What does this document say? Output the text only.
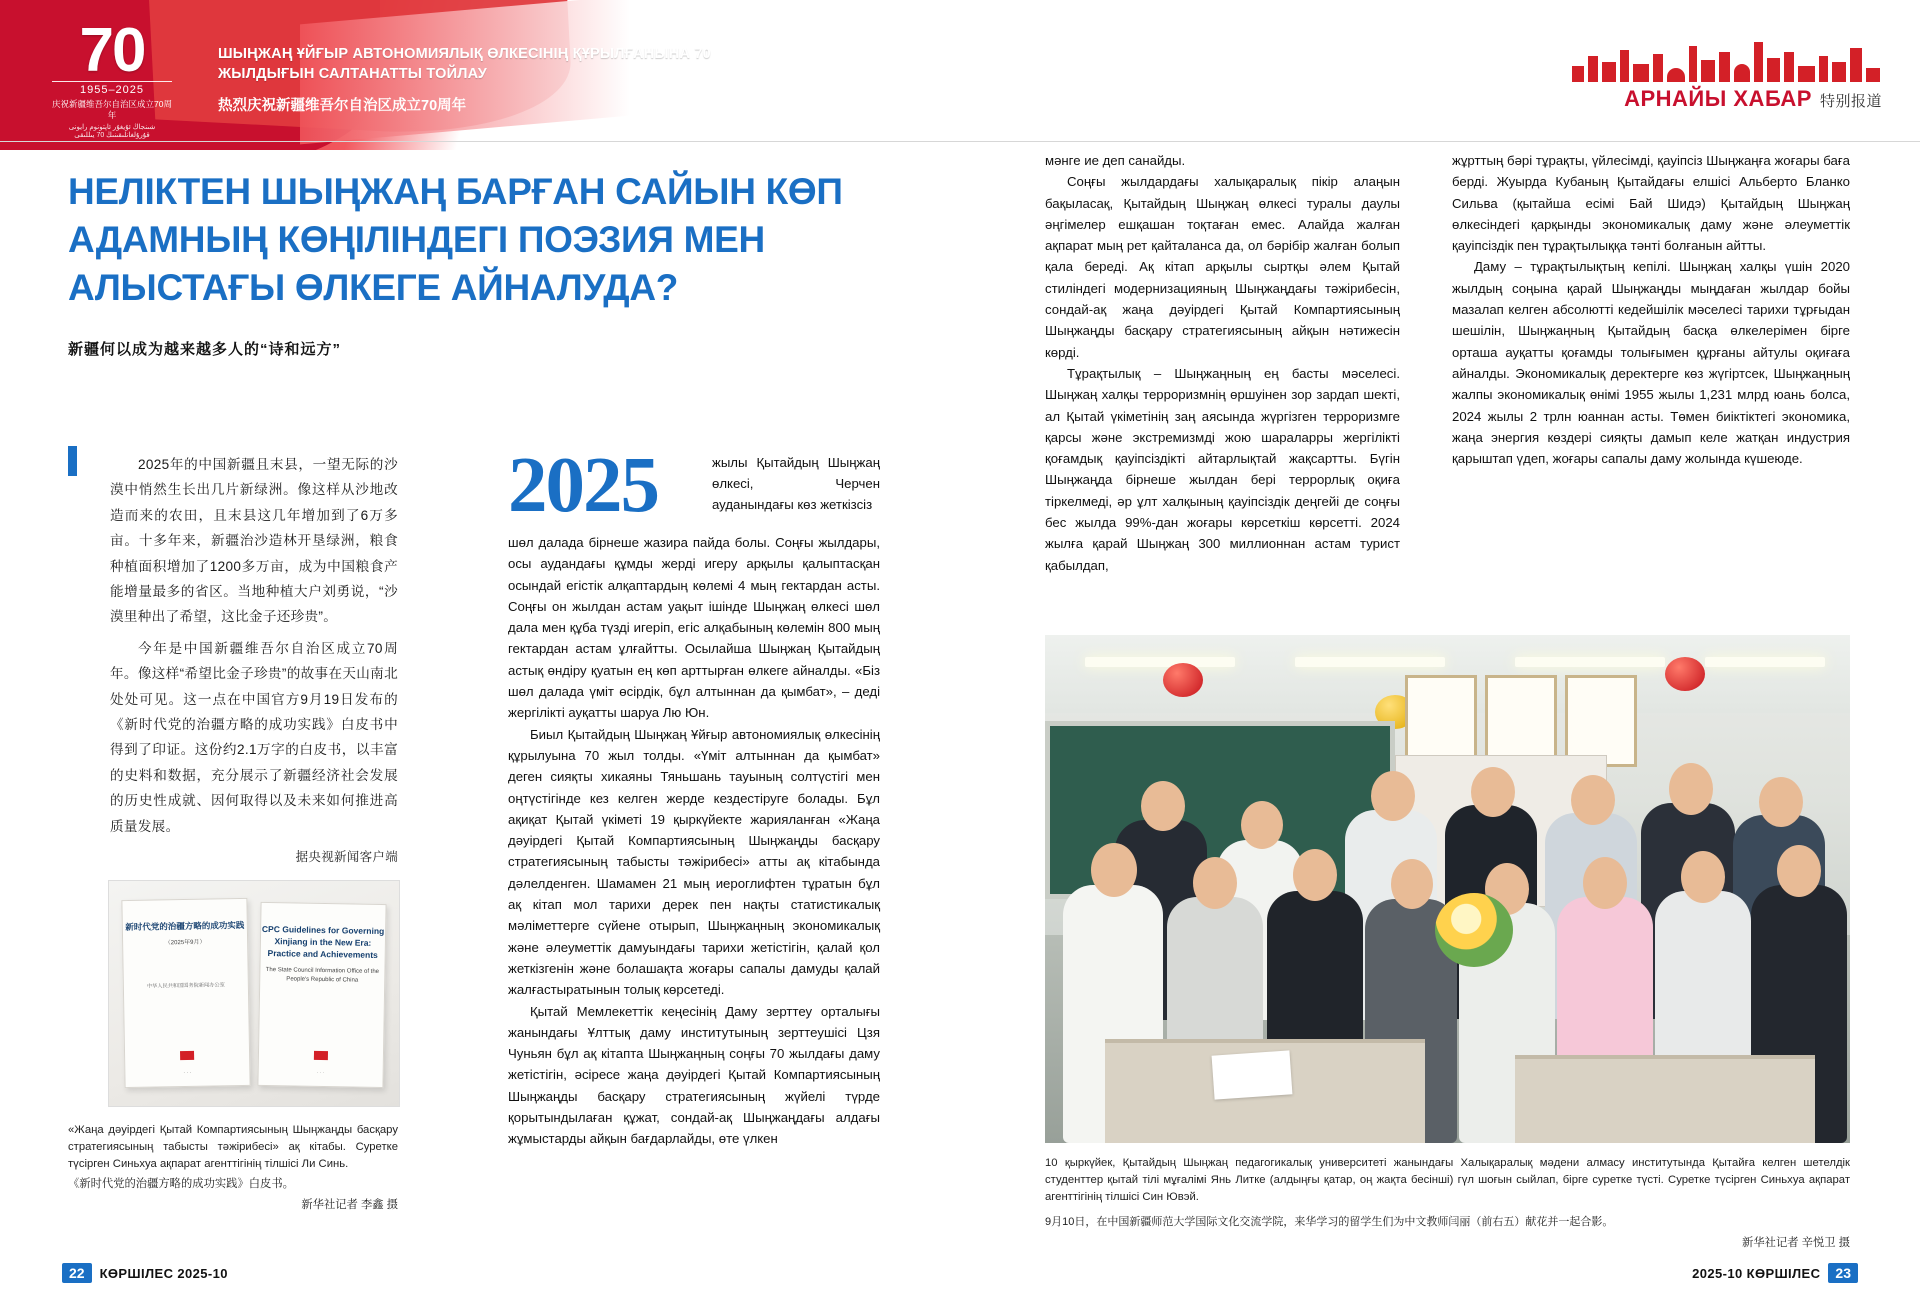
70
1955–2025
庆祝新疆维吾尔自治区成立70周年
شىنجاڭ ئۇيغۇر ئاپتونوم رايونى قۇرۇلغانلىقىنىڭ 70 يىللىقى
ШЫҢЖАҢ ҰЙҒЫР АВТОНОМИЯЛЫҚ ӨЛКЕСІНІҢ ҚҰРЫЛҒАНЫНА 70 ЖЫЛДЫҒЫН САЛТАНАТТЫ ТОЙЛАУ
热烈庆祝新疆维吾尔自治区成立70周年	АРНАЙЫ ХАБАР 特别报道
НЕЛІКТЕН ШЫҢЖАҢ БАРҒАН САЙЫН КӨП АДАМНЫҢ КӨҢІЛІНДЕГІ ПОЭЗИЯ МЕН АЛЫСТАҒЫ ӨЛКЕГЕ АЙНАЛУДА?
新疆何以成为越来越多人的“诗和远方”

2025年的中国新疆且末县，一望无际的沙漠中悄然生长出几片新绿洲。像这样从沙地改造而来的农田，且末县这几年增加到了6万多亩。十多年来，新疆治沙造林开垦绿洲，粮食种植面积增加了1200多万亩，成为中国粮食产能增量最多的省区。当地种植大户刘勇说，“沙漠里种出了希望，这比金子还珍贵”。

今年是中国新疆维吾尔自治区成立70周年。像这样“希望比金子珍贵”的故事在天山南北处处可见。这一点在中国官方9月19日发布的《新时代党的治疆方略的成功实践》白皮书中得到了印证。这份约2.1万字的白皮书，以丰富的史料和数据，充分展示了新疆经济社会发展的历史性成就、因何取得以及未来如何推进高质量发展。

据央视新闻客户端

新时代党的治疆方略的成功实践
（2025年9月）
中华人民共和国国务院新闻办公室
· · ·
CPC Guidelines for Governing Xinjiang in the New Era: Practice and Achievements
The State Council Information Office of the People's Republic of China
· · ·
«Жаңа дәуірдегі Қытай Компартиясының Шыңжаңды басқару стратегиясының табысты тәжірибесі» ақ кітабы. Суретке түсірген Синьхуа ақпарат агенттігінің тілшісі Ли Синь.
《新时代党的治疆方略的成功实践》白皮书。
新华社记者 李鑫 摄
2025	жылы Қытайдың Шыңжаң өлкесі, Черчен ауданындағы көз жеткізсіз

шөл далада бірнеше жазира пайда болы. Соңғы жылдары, осы аудандағы құмды жерді игеру арқылы қалыптасқан осындай егістік алқаптардың көлемі 4 мың гектардан асты. Соңғы он жылдан астам уақыт ішінде Шыңжаң өлкесі шөл дала мен құба түзді игеріп, егіс алқабының көлемін 800 мың гектардан астам ұлғайтты. Осылайша Шыңжаң Қытайдың астық өндіру қуатын ең көп арттырған өлкеге айналды. «Біз шөл далада үміт өсірдік, бұл алтыннан да қымбат», – деді жергілікті ауқатты шаруа Лю Юн.

Биыл Қытайдың Шыңжаң Ұйғыр автономиялық өлкесінің құрылуына 70 жыл толды. «Үміт алтыннан да қымбат» деген сияқты хикаяны Тяньшань тауының солтүстігі мен оңтүстігінде кез келген жерде кездестіруге болады. Бұл ақиқат Қытай үкіметі 19 қыркүйекте жарияланған «Жаңа дәуірдегі Қытай Компартиясының Шыңжаңды басқару стратегиясының табысты тәжірибесі» атты ақ кітабында дәлелденген. Шамамен 21 мың иероглифтен тұратын бұл ақ кітап мол тарихи дерек пен нақты статистикалық мәліметтерге сүйене отырып, Шыңжаңның экономикалық және әлеуметтік дамуындағы тарихи жетістігін, қалай қол жеткізгенін және болашақта жоғары сапалы дамуды қалай жалғастыратынын толық көрсетеді.

Қытай Мемлекеттік кеңесінің Даму зерттеу орталығы жанындағы Ұлттық даму институтының зерттеушісі Цзя Чуньян бұл ақ кітапта Шыңжаңның соңғы 70 жылдағы даму жетістігін, әсіресе жаңа дәуірдегі Қытай Компартиясының Шыңжаңды басқару стратегиясының жүйелі түрде қорытындылаған құжат, сондай-ақ Шыңжаңдағы алдағы жұмыстарды айқын бағдарлайды, өте үлкен

мәнге ие деп санайды.

Соңғы жылдардағы халықаралық пікір алаңын бақыласақ, Қытайдың Шыңжаң өлкесі туралы даулы әңгімелер ешқашан тоқтаған емес. Алайда жалған ақпарат мың рет қайталанса да, ол бәрібір жалған болып қала береді. Ақ кітап арқылы сыртқы әлем Қытай стиліндегі модернизацияның Шыңжаңдағы тәжірибесін, сондай-ақ жаңа дәуірдегі Қытай Компартиясының Шыңжаңды басқару стратегиясының айқын нәтижесін көрді.

Тұрақтылық – Шыңжаңның ең басты мәселесі. Шыңжаң халқы терроризмнің өршуінен зор зардап шекті, ал Қытай үкіметінің заң аясында жүргізген терроризмге қарсы және экстремизмді жою шараларры жергілікті қоғамдық қауіпсіздікті айтарлықтай жақсартты. Бүгін Шыңжаңда бірнеше жылдан бері террорлық оқиға тіркелмеді, әр ұлт халқының қауіпсіздік деңгейі де соңғы бес жылда 99%-дан жоғары көрсеткіш көрсетті. 2024 жылға қарай Шыңжаң 300 миллионнан астам турист қабылдап,

жұрттың бәрі тұрақты, үйлесімді, қауіпсіз Шыңжаңға жоғары баға берді. Жуырда Кубаның Қытайдағы елшісі Альберто Бланко Сильва (қытайша есімі Бай Шидэ) Қытайдың Шыңжаң өлкесіндегі қарқынды экономикалық даму және әлеуметтік қауіпсіздік пен тұрақтылыққа тәнті болғанын айтты.

Даму – тұрақтылықтың кепілі. Шыңжаң халқы үшін 2020 жылдың соңына қарай Шыңжаңды мыңдаған жылдар бойы мазалап келген абсолютті кедейшілік мәселесі тарихи тұрғыдан шешілін, Шыңжаңның Қытайдың басқа өлкелерімен бірге орташа ауқатты қоғамды толығымен құрғаны айтулы оқиғаға айналды. Экономикалық деректерге көз жүгіртсек, Шыңжаңның жалпы экономикалық өнімі 1955 жылы 1,231 млрд юань болса, 2024 жылы 2 трлн юаннан асты. Төмен биіктіктегі экономика, жаңа энергия көздері сияқты дамып келе жатқан индустрия қарыштап үдеп, жоғары сапалы даму жолында күшеюде.

10 қыркүйек, Қытайдың Шыңжаң педагогикалық университеті жанындағы Халықаралық мәдени алмасу институтында Қытайға келген шетелдік студенттер қытай тілі мұғалімі Янь Литке (алдыңғы қатар, оң жақта бесінші) гүл шоғын сыйлап, бірге суретке түсті. Суретке түсірген Синьхуа ақпарат агенттігінің тілшісі Син Ювэй.
9月10日，在中国新疆师范大学国际文化交流学院，来华学习的留学生们为中文教师闫丽（前右五）献花并一起合影。
新华社记者 辛悦卫 摄
22	КӨРШІЛЕС 2025-10	2025-10 КӨРШІЛЕС	23
